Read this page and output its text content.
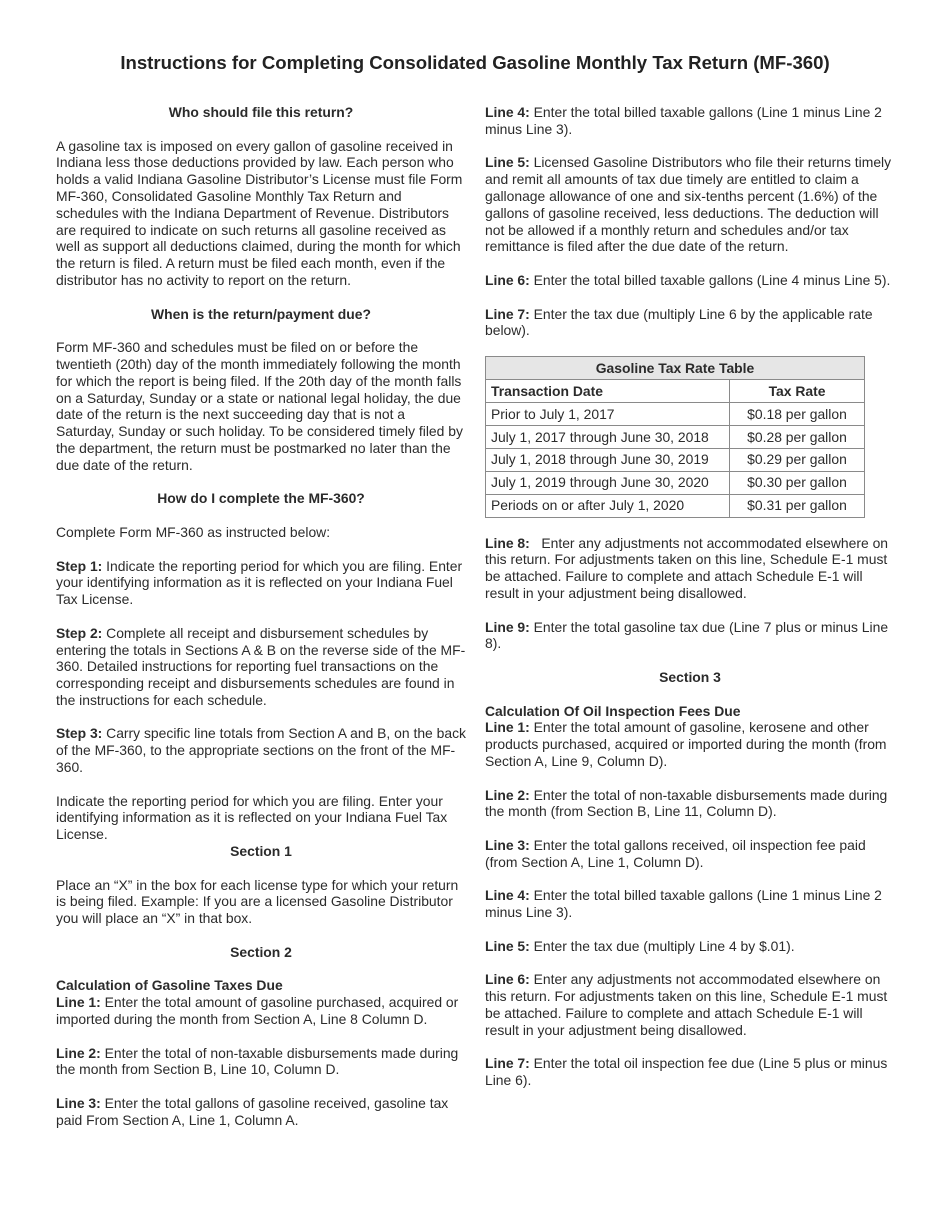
Instructions for Completing Consolidated Gasoline Monthly Tax Return (MF-360)
Who should file this return?

A gasoline tax is imposed on every gallon of gasoline received in Indiana less those deductions provided by law. Each person who holds a valid Indiana Gasoline Distributor’s License must file Form MF-360, Consolidated Gasoline Monthly Tax Return and schedules with the Indiana Department of Revenue. Distributors are required to indicate on such returns all gasoline received as well as support all deductions claimed, during the month for which the return is filed. A return must be filed each month, even if the distributor has no activity to report on the return.

When is the return/payment due?

Form MF-360 and schedules must be filed on or before the twentieth (20th) day of the month immediately following the month for which the report is being filed. If the 20th day of the month falls on a Saturday, Sunday or a state or national legal holiday, the due date of the return is the next succeeding day that is not a Saturday, Sunday or such holiday. To be considered timely filed by the department, the return must be postmarked no later than the due date of the return.

How do I complete the MF-360?

Complete Form MF-360 as instructed below:

Step 1: Indicate the reporting period for which you are filing. Enter your identifying information as it is reflected on your Indiana Fuel Tax License.

Step 2: Complete all receipt and disbursement schedules by entering the totals in Sections A & B on the reverse side of the MF-360. Detailed instructions for reporting fuel transactions on the corresponding receipt and disbursements schedules are found in the instructions for each schedule.

Step 3: Carry specific line totals from Section A and B, on the back of the MF-360, to the appropriate sections on the front of the MF-360.

Indicate the reporting period for which you are filing. Enter your identifying information as it is reflected on your Indiana Fuel Tax License.

Section 1

Place an “X” in the box for each license type for which your return is being filed. Example: If you are a licensed Gasoline Distributor you will place an “X” in that box.

Section 2
Calculation of Gasoline Taxes Due

Line 1: Enter the total amount of gasoline purchased, acquired or imported during the month from Section A, Line 8 Column D.

Line 2: Enter the total of non-taxable disbursements made during the month from Section B, Line 10, Column D.

Line 3: Enter the total gallons of gasoline received, gasoline tax paid From Section A, Line 1, Column A.

Line 4: Enter the total billed taxable gallons (Line 1 minus Line 2 minus Line 3).

Line 5: Licensed Gasoline Distributors who file their returns timely and remit all amounts of tax due timely are entitled to claim a gallonage allowance of one and six-tenths percent (1.6%) of the gallons of gasoline received, less deductions. The deduction will not be allowed if a monthly return and schedules and/or tax remittance is filed after the due date of the return.

Line 6: Enter the total billed taxable gallons (Line 4 minus Line 5).

Line 7: Enter the tax due (multiply Line 6 by the applicable rate below).

Gasoline Tax Rate Table	
Transaction Date	Tax Rate
Prior to July 1, 2017	$0.18 per gallon
July 1, 2017 through June 30, 2018	$0.28 per gallon
July 1, 2018 through June 30, 2019	$0.29 per gallon
July 1, 2019 through June 30, 2020	$0.30 per gallon
Periods on or after July 1, 2020	$0.31 per gallon

Line 8:   Enter any adjustments not accommodated elsewhere on this return. For adjustments taken on this line, Schedule E-1 must be attached. Failure to complete and attach Schedule E-1 will result in your adjustment being disallowed.

Line 9: Enter the total gasoline tax due (Line 7 plus or minus Line 8).

Section 3
Calculation Of Oil Inspection Fees Due

Line 1: Enter the total amount of gasoline, kerosene and other products purchased, acquired or imported during the month (from Section A, Line 9, Column D).

Line 2: Enter the total of non-taxable disbursements made during the month (from Section B, Line 11, Column D).

Line 3: Enter the total gallons received, oil inspection fee paid (from Section A, Line 1, Column D).

Line 4: Enter the total billed taxable gallons (Line 1 minus Line 2 minus Line 3).

Line 5: Enter the tax due (multiply Line 4 by $.01).

Line 6: Enter any adjustments not accommodated elsewhere on this return. For adjustments taken on this line, Schedule E-1 must be attached. Failure to complete and attach Schedule E-1 will result in your adjustment being disallowed.

Line 7: Enter the total oil inspection fee due (Line 5 plus or minus Line 6).
